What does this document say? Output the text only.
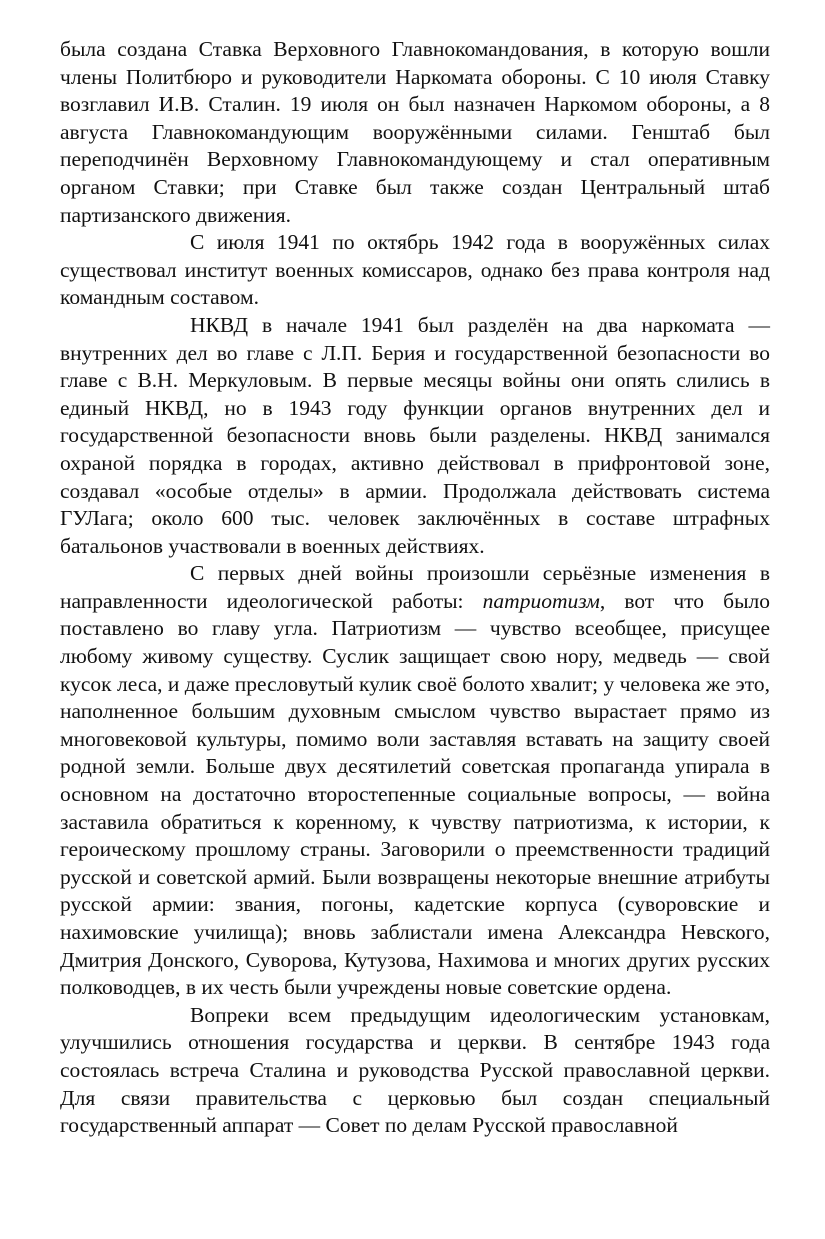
была создана Ставка Верховного Главнокомандования, в которую вошли члены Политбюро и руководители Наркомата обороны. С 10 июля Ставку возглавил И.В. Сталин. 19 июля он был назначен Наркомом обороны, а 8 августа Главнокомандующим вооружёнными силами. Генштаб был переподчинён Верховному Главнокомандующему и стал оперативным органом Ставки; при Ставке был также создан Центральный штаб партизанского движения.

С июля 1941 по октябрь 1942 года в вооружённых силах существовал институт военных комиссаров, однако без права контроля над командным составом.

НКВД в начале 1941 был разделён на два наркомата — внутренних дел во главе с Л.П. Берия и государственной безопасности во главе с В.Н. Меркуловым. В первые месяцы войны они опять слились в единый НКВД, но в 1943 году функции органов внутренних дел и государственной безопасности вновь были разделены. НКВД занимался охраной порядка в городах, активно действовал в прифронтовой зоне, создавал «особые отделы» в армии. Продолжала действовать система ГУЛага; около 600 тыс. человек заключённых в составе штрафных батальонов участвовали в военных действиях.

С первых дней войны произошли серьёзные изменения в направленности идеологической работы: патриотизм, вот что было поставлено во главу угла. Патриотизм — чувство всеобщее, присущее любому живому существу. Суслик защищает свою нору, медведь — свой кусок леса, и даже пресловутый кулик своё болото хвалит; у человека же это, наполненное большим духовным смыслом чувство вырастает прямо из многовековой культуры, помимо воли заставляя вставать на защиту своей родной земли. Больше двух десятилетий советская пропаганда упирала в основном на достаточно второстепенные социальные вопросы, — война заставила обратиться к коренному, к чувству патриотизма, к истории, к героическому прошлому страны. Заговорили о преемственности традиций русской и советской армий. Были возвращены некоторые внешние атрибуты русской армии: звания, погоны, кадетские корпуса (суворовские и нахимовские училища); вновь заблистали имена Александра Невского, Дмитрия Донского, Суворова, Кутузова, Нахимова и многих других русских полководцев, в их честь были учреждены новые советские ордена.

Вопреки всем предыдущим идеологическим установкам, улучшились отношения государства и церкви. В сентябре 1943 года состоялась встреча Сталина и руководства Русской православной церкви. Для связи правительства с церковью был создан специальный государственный аппарат — Совет по делам Русской православной
